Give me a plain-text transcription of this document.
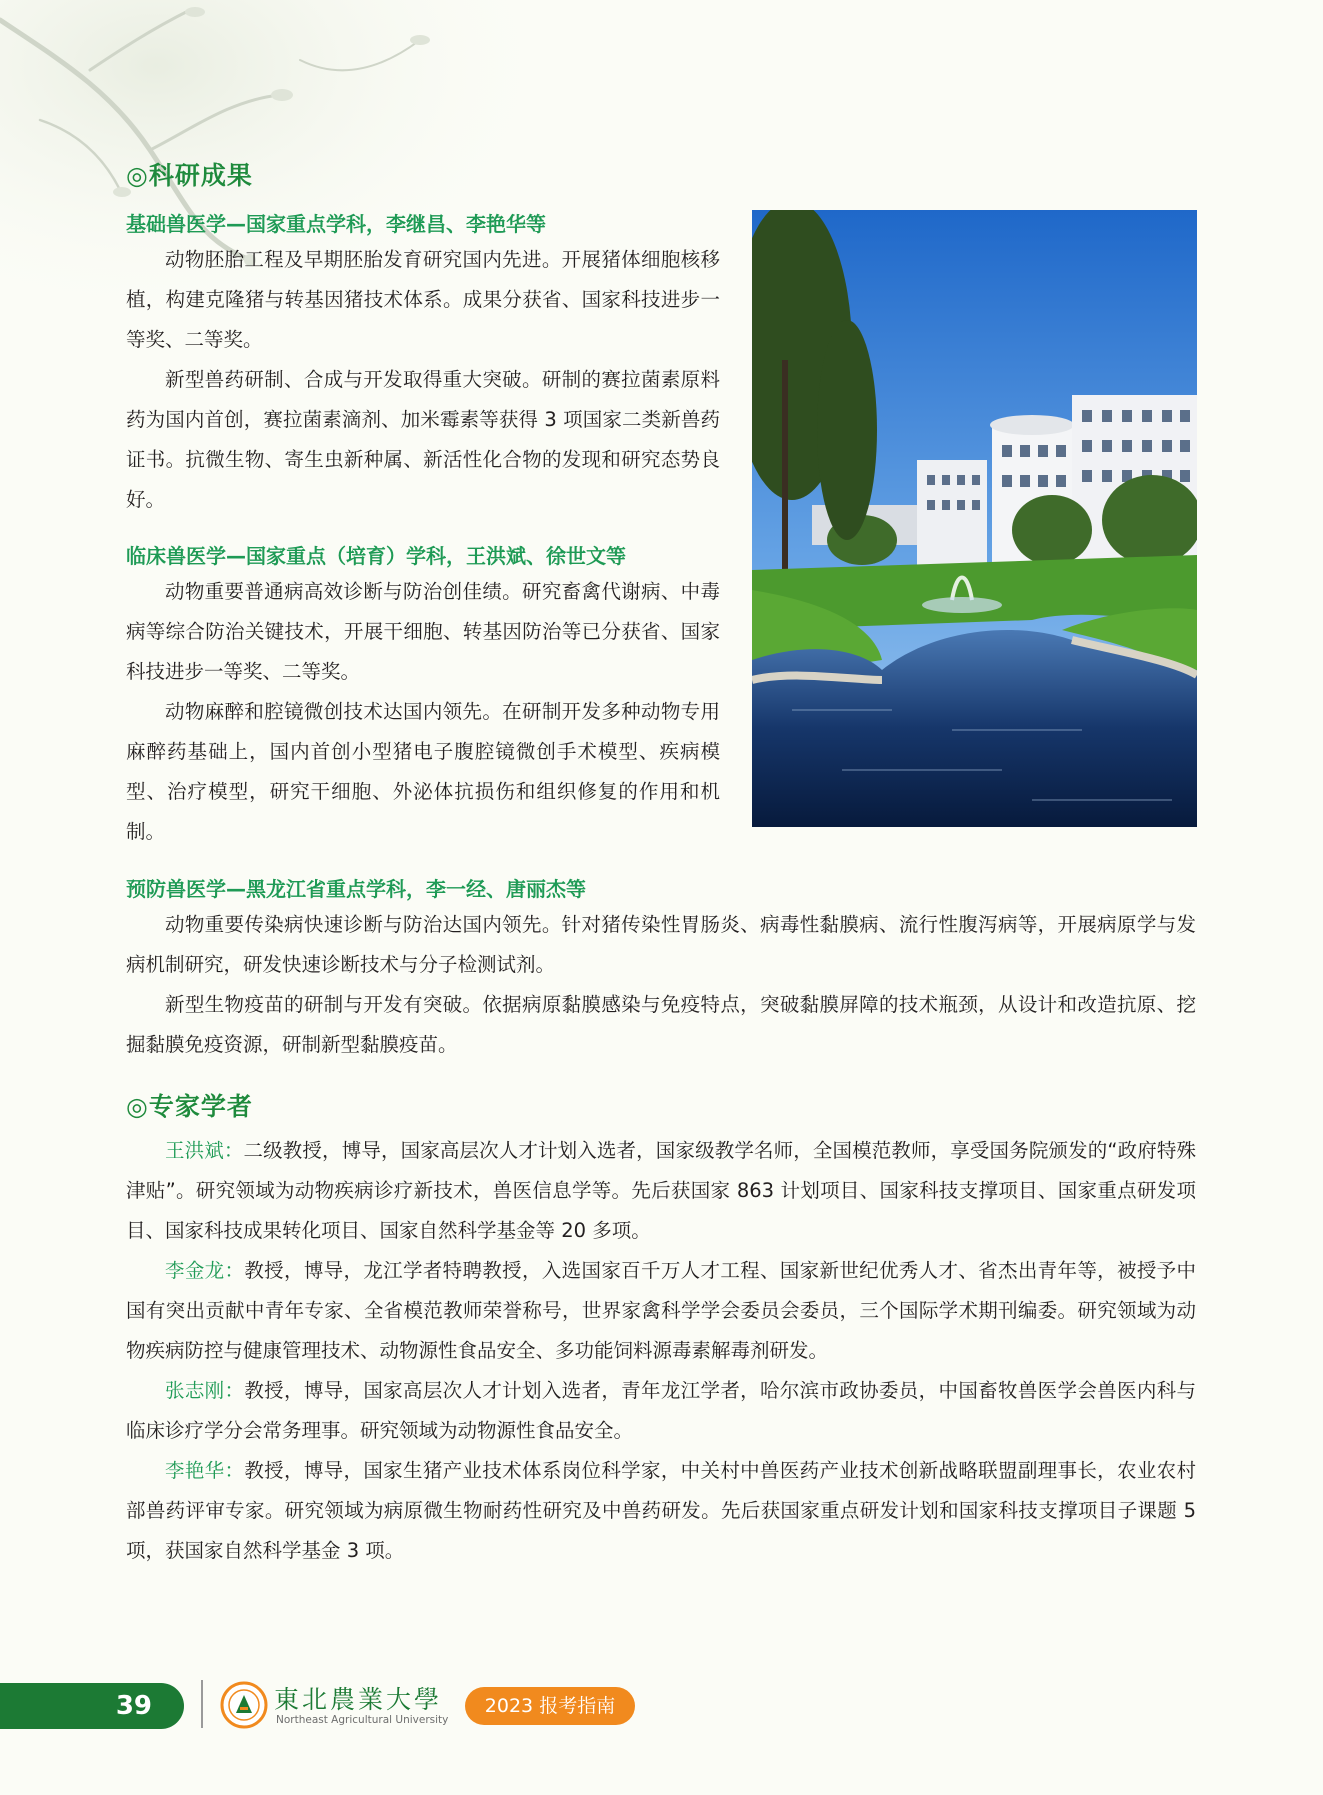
◎科研成果
基础兽医学—国家重点学科，李继昌、李艳华等

动物胚胎工程及早期胚胎发育研究国内先进。开展猪体细胞核移植，构建克隆猪与转基因猪技术体系。成果分获省、国家科技进步一等奖、二等奖。

新型兽药研制、合成与开发取得重大突破。研制的赛拉菌素原料药为国内首创，赛拉菌素滴剂、加米霉素等获得 3 项国家二类新兽药证书。抗微生物、寄生虫新种属、新活性化合物的发现和研究态势良好。

临床兽医学—国家重点（培育）学科，王洪斌、徐世文等

动物重要普通病高效诊断与防治创佳绩。研究畜禽代谢病、中毒病等综合防治关键技术，开展干细胞、转基因防治等已分获省、国家科技进步一等奖、二等奖。

动物麻醉和腔镜微创技术达国内领先。在研制开发多种动物专用麻醉药基础上，国内首创小型猪电子腹腔镜微创手术模型、疾病模型、治疗模型，研究干细胞、外泌体抗损伤和组织修复的作用和机制。

预防兽医学—黑龙江省重点学科，李一经、唐丽杰等

动物重要传染病快速诊断与防治达国内领先。针对猪传染性胃肠炎、病毒性黏膜病、流行性腹泻病等，开展病原学与发病机制研究，研发快速诊断技术与分子检测试剂。

新型生物疫苗的研制与开发有突破。依据病原黏膜感染与免疫特点，突破黏膜屏障的技术瓶颈，从设计和改造抗原、挖掘黏膜免疫资源，研制新型黏膜疫苗。

◎专家学者

王洪斌：二级教授，博导，国家高层次人才计划入选者，国家级教学名师，全国模范教师，享受国务院颁发的“政府特殊津贴”。研究领域为动物疾病诊疗新技术，兽医信息学等。先后获国家 863 计划项目、国家科技支撑项目、国家重点研发项目、国家科技成果转化项目、国家自然科学基金等 20 多项。

李金龙：教授，博导，龙江学者特聘教授，入选国家百千万人才工程、国家新世纪优秀人才、省杰出青年等，被授予中国有突出贡献中青年专家、全省模范教师荣誉称号，世界家禽科学学会委员会委员，三个国际学术期刊编委。研究领域为动物疾病防控与健康管理技术、动物源性食品安全、多功能饲料源毒素解毒剂研发。

张志刚：教授，博导，国家高层次人才计划入选者，青年龙江学者，哈尔滨市政协委员，中国畜牧兽医学会兽医内科与临床诊疗学分会常务理事。研究领域为动物源性食品安全。

李艳华：教授，博导，国家生猪产业技术体系岗位科学家，中关村中兽医药产业技术创新战略联盟副理事长，农业农村部兽药评审专家。研究领域为病原微生物耐药性研究及中兽药研发。先后获国家重点研发计划和国家科技支撑项目子课题 5 项，获国家自然科学基金 3 项。

39	東北農業大學
Northeast Agricultural University
2023 报考指南
